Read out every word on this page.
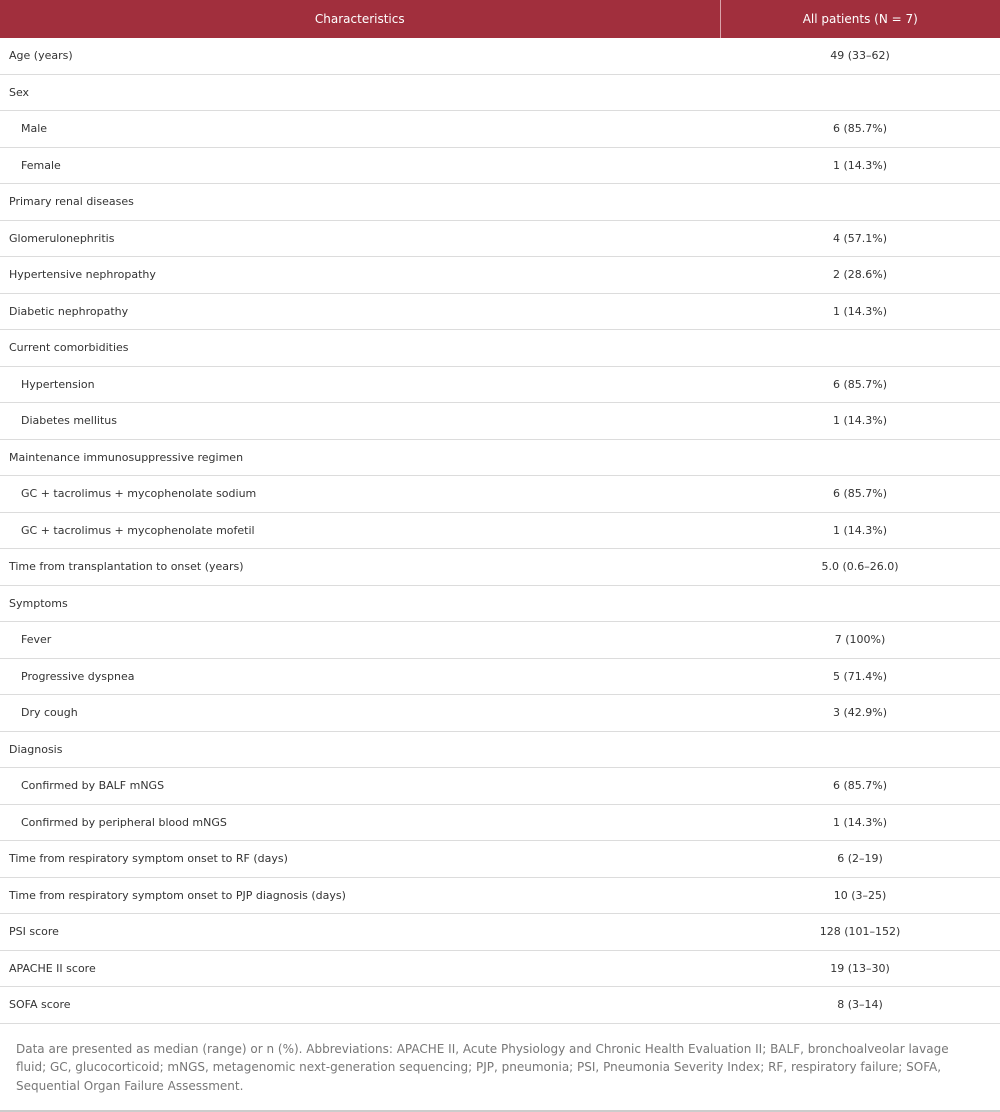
Characteristics	All patients (N = 7)
Age (years)	49 (33–62)
Sex	
Male	6 (85.7%)
Female	1 (14.3%)
Primary renal diseases	
Glomerulonephritis	4 (57.1%)
Hypertensive nephropathy	2 (28.6%)
Diabetic nephropathy	1 (14.3%)
Current comorbidities	
Hypertension	6 (85.7%)
Diabetes mellitus	1 (14.3%)
Maintenance immunosuppressive regimen	
GC + tacrolimus + mycophenolate sodium	6 (85.7%)
GC + tacrolimus + mycophenolate mofetil	1 (14.3%)
Time from transplantation to onset (years)	5.0 (0.6–26.0)
Symptoms	
Fever	7 (100%)
Progressive dyspnea	5 (71.4%)
Dry cough	3 (42.9%)
Diagnosis	
Confirmed by BALF mNGS	6 (85.7%)
Confirmed by peripheral blood mNGS	1 (14.3%)
Time from respiratory symptom onset to RF (days)	6 (2–19)
Time from respiratory symptom onset to PJP diagnosis (days)	10 (3–25)
PSI score	128 (101–152)
APACHE II score	19 (13–30)
SOFA score	8 (3–14)
Data are presented as median (range) or n (%). Abbreviations: APACHE II, Acute Physiology and Chronic Health Evaluation II; BALF, bronchoalveolar lavage fluid; GC, glucocorticoid; mNGS, metagenomic next-generation sequencing; PJP, pneumonia; PSI, Pneumonia Severity Index; RF, respiratory failure; SOFA, Sequential Organ Failure Assessment.
